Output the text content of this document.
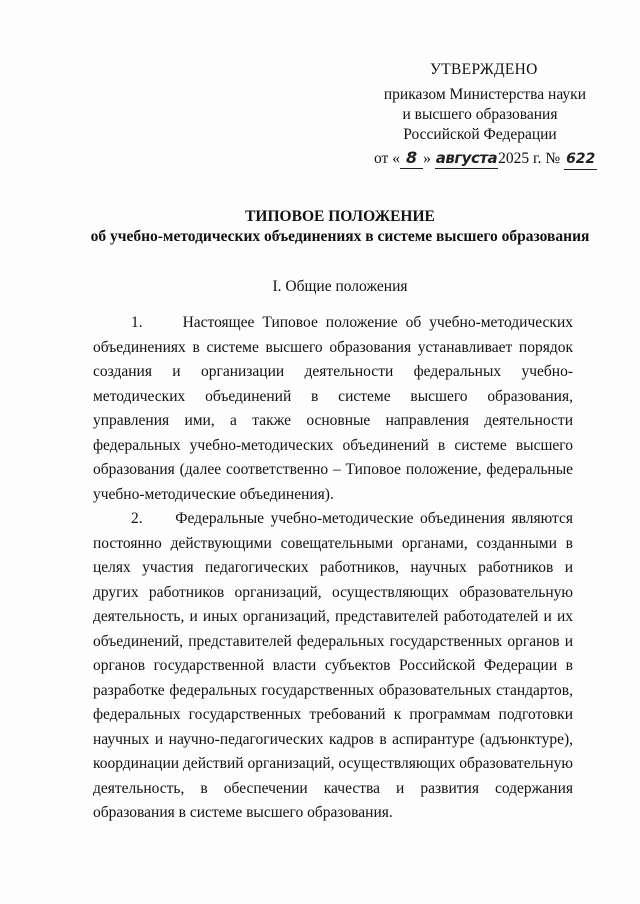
УТВЕРЖДЕНО
приказом Министерства науки
и высшего образования
Российской Федерации
от « 8 » августа2025 г. № 622
ТИПОВОЕ ПОЛОЖЕНИЕ
об учебно-методических объединениях в системе высшего образования
I. Общие положения

1.	Настоящее Типовое положение об учебно-методических объединениях в системе высшего образования устанавливает порядок создания и организации деятельности федеральных учебно-методических объединений в системе высшего образования, управления ими, а также основные направления деятельности федеральных учебно-методических объединений в системе высшего образования (далее соответственно – Типовое положение, федеральные учебно-методические объединения).

2. Федеральные учебно-методические объединения являются постоянно действующими совещательными органами, созданными в целях участия педагогических работников, научных работников и других работников организаций, осуществляющих образовательную деятельность, и иных организаций, представителей работодателей и их объединений, представителей федеральных государственных органов и органов государственной власти субъектов Российской Федерации в разработке федеральных государственных образовательных стандартов, федеральных государственных требований к программам подготовки научных и научно-педагогических кадров в аспирантуре (адъюнктуре), координации действий организаций, осуществляющих образовательную деятельность, в обеспечении качества и развития содержания образования в системе высшего образования.
